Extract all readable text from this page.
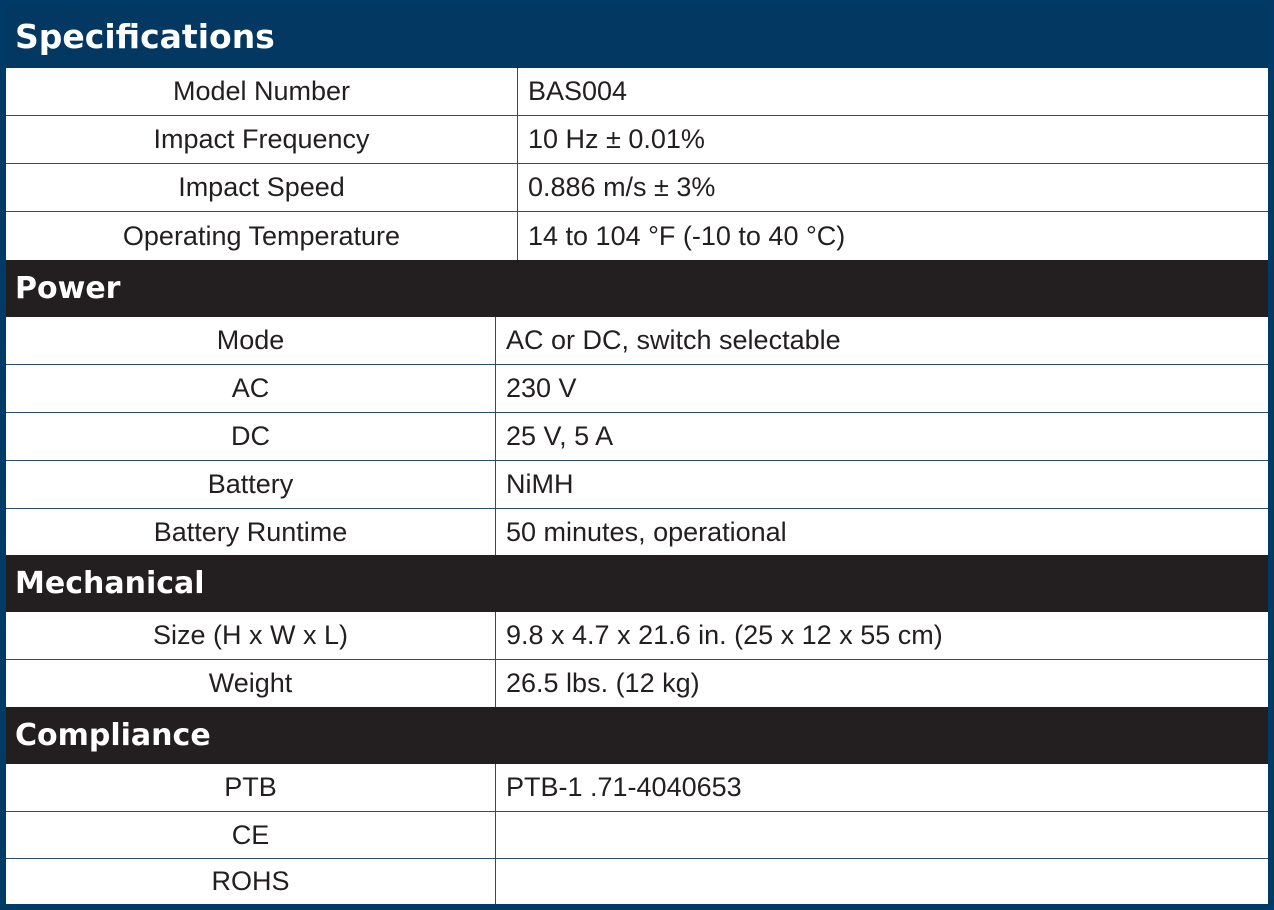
Specifications
Model Number	BAS004
Impact Frequency	10 Hz ± 0.01%
Impact Speed	0.886 m/s ± 3%
Operating Temperature	14 to 104 °F (-10 to 40 °C)
Power
Mode	AC or DC, switch selectable
AC	230 V
DC	25 V, 5 A
Battery	NiMH
Battery Runtime	50 minutes, operational
Mechanical
Size (H x W x L)	9.8 x 4.7 x 21.6 in. (25 x 12 x 55 cm)
Weight	26.5 lbs. (12 kg)
Compliance
PTB	PTB-1 .71-4040653
CE
ROHS
